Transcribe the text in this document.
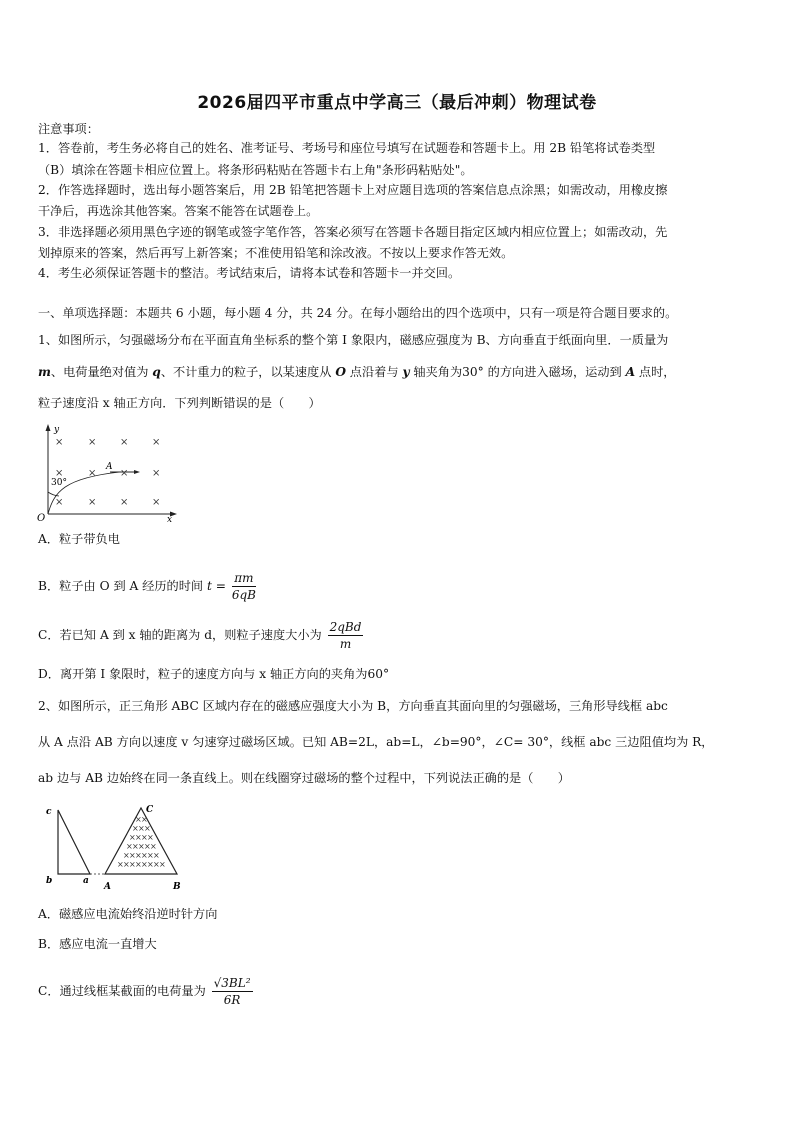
2026届四平市重点中学高三（最后冲刺）物理试卷
注意事项：
1．答卷前，考生务必将自己的姓名、准考证号、考场号和座位号填写在试题卷和答题卡上。用 2B 铅笔将试卷类型
（B）填涂在答题卡相应位置上。将条形码粘贴在答题卡右上角"条形码粘贴处"。
2．作答选择题时，选出每小题答案后，用 2B 铅笔把答题卡上对应题目选项的答案信息点涂黑；如需改动，用橡皮擦
干净后，再选涂其他答案。答案不能答在试题卷上。
3．非选择题必须用黑色字迹的钢笔或签字笔作答，答案必须写在答题卡各题目指定区域内相应位置上；如需改动，先
划掉原来的答案，然后再写上新答案；不准使用铅笔和涂改液。不按以上要求作答无效。
4．考生必须保证答题卡的整洁。考试结束后，请将本试卷和答题卡一并交回。
一、单项选择题：本题共 6 小题，每小题 4 分，共 24 分。在每小题给出的四个选项中，只有一项是符合题目要求的。
1、如图所示，匀强磁场分布在平面直角坐标系的整个第 I 象限内，磁感应强度为 B、方向垂直于纸面向里．一质量为
m、电荷量绝对值为 q、不计重力的粒子，以某速度从 O 点沿着与 y 轴夹角为30° 的方向进入磁场，运动到 A 点时，
粒子速度沿 x 轴正方向．下列判断错误的是（　　）
y
x
O
30°
A
× × × ×
× × × ×
× × × ×
A．粒子带负电
B．粒子由 O 到 A 经历的时间 $t = \frac{\pi m}{6qB}$
C．若已知 A 到 x 轴的距离为 d，则粒子速度大小为 $\frac{\text{2qBd}}{m}$
D．离开第 I 象限时，粒子的速度方向与 x 轴正方向的夹角为60°
2、如图所示，正三角形 ABC 区域内存在的磁感应强度大小为 B，方向垂直其面向里的匀强磁场，三角形导线框 abc
从 A 点沿 AB 方向以速度 v 匀速穿过磁场区域。已知 AB=2L，ab=L，∠b=90°，∠C= 30°，线框 abc 三边阻值均为 R，
ab 边与 AB 边始终在同一条直线上。则在线圈穿过磁场的整个过程中，下列说法正确的是（　　）
c
b	a
A	B
C
× ×
× × ×
× × × ×
× × × × ×
× × × × × ×
× × × × × × × ×
A．磁感应电流始终沿逆时针方向
B．感应电流一直增大
C．通过线框某截面的电荷量为 $\frac{\text{√3BL²}}{6R}$
